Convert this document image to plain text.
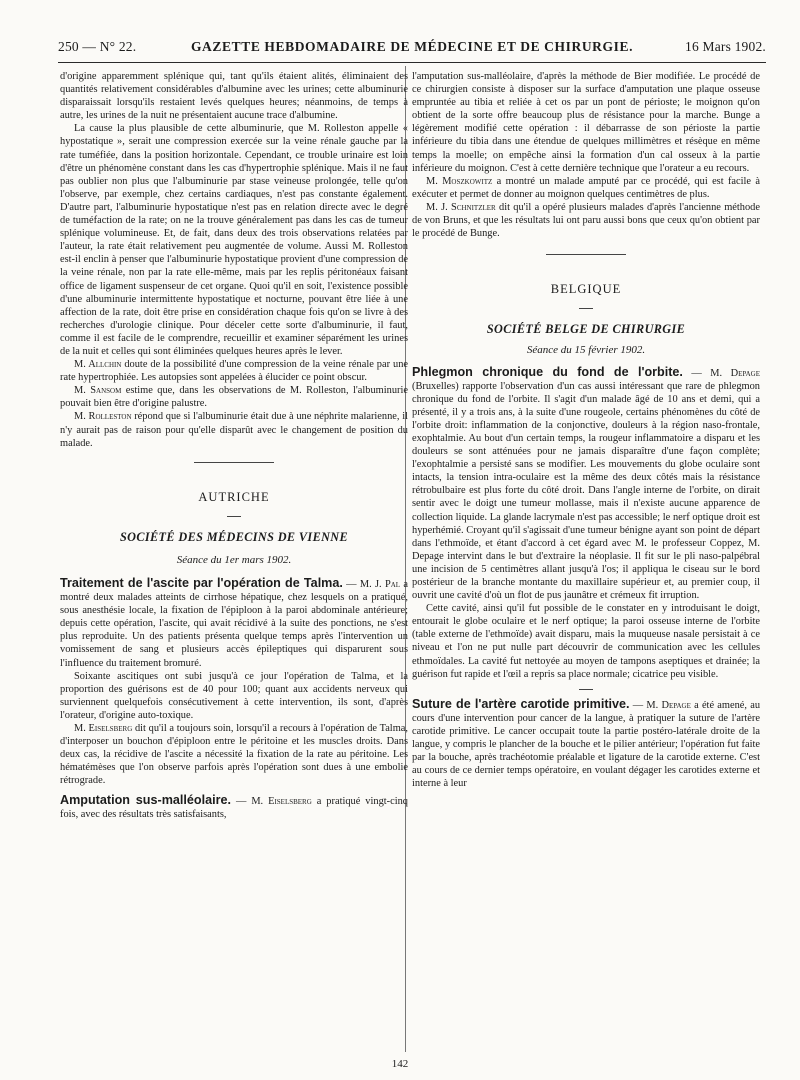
250 — N° 22.	GAZETTE HEBDOMADAIRE DE MÉDECINE ET DE CHIRURGIE.	16 Mars 1902.

d'origine apparemment splénique qui, tant qu'ils étaient alités, éliminaient des quantités relativement considérables d'albumine avec les urines; cette albuminurie disparaissait lorsqu'ils restaient levés quelques heures; néanmoins, de temps à autre, les urines de la nuit ne présentaient aucune trace d'albumine.

La cause la plus plausible de cette albuminurie, que M. Rolleston appelle « hypostatique », serait une compression exercée sur la veine rénale gauche par la rate tuméfiée, dans la position horizontale. Cependant, ce trouble urinaire est loin d'être un phénomène constant dans les cas d'hypertrophie splénique. Mais il ne faut pas oublier non plus que l'albuminurie par stase veineuse prolongée, telle qu'on l'observe, par exemple, chez certains cardiaques, n'est pas constante également. D'autre part, l'albuminurie hypostatique n'est pas en relation directe avec le degré de tuméfaction de la rate; on ne la trouve généralement pas dans les cas de tumeur splénique volumineuse. Et, de fait, dans deux des trois observations relatées par l'auteur, la rate était relativement peu augmentée de volume. Aussi M. Rolleston est-il enclin à penser que l'albuminurie hypostatique provient d'une compression de la veine rénale, non par la rate elle-même, mais par les replis péritonéaux faisant office de ligament suspenseur de cet organe. Quoi qu'il en soit, l'existence possible d'une albuminurie intermittente hypostatique et nocturne, pouvant être liée à une affection de la rate, doit être prise en considération chaque fois qu'on se livre à des recherches d'urologie clinique. Pour déceler cette sorte d'albuminurie, il faut, comme il est facile de le comprendre, recueillir et examiner séparément les urines de la nuit et celles qui sont éliminées quelques heures après le lever.

M. Allchin doute de la possibilité d'une compression de la veine rénale par une rate hypertrophiée. Les autopsies sont appelées à élucider ce point obscur.

M. Sansom estime que, dans les observations de M. Rolleston, l'albuminurie pouvait bien être d'origine palustre.

M. Rolleston répond que si l'albuminurie était due à une néphrite malarienne, il n'y aurait pas de raison pour qu'elle disparût avec le changement de position du malade.

AUTRICHE

SOCIÉTÉ DES MÉDECINS DE VIENNE

Séance du 1er mars 1902.

Traitement de l'ascite par l'opération de Talma. — M. J. Pal a montré deux malades atteints de cirrhose hépatique, chez lesquels on a pratiqué, sous anesthésie locale, la fixation de l'épiploon à la paroi abdominale antérieure; depuis cette opération, l'ascite, qui avait récidivé à la suite des ponctions, ne s'est plus reproduite. Un des patients présenta quelque temps après l'intervention un vomissement de sang et plusieurs accès épileptiques qui disparurent sous l'influence du traitement bromuré.

Soixante ascitiques ont subi jusqu'à ce jour l'opération de Talma, et la proportion des guérisons est de 40 pour 100; quant aux accidents nerveux qui surviennent quelquefois consécutivement à cette intervention, ils sont, d'après l'orateur, d'origine auto-toxique.

M. Eiselsberg dit qu'il a toujours soin, lorsqu'il a recours à l'opération de Talma, d'interposer un bouchon d'épiploon entre le péritoine et les muscles droits. Dans deux cas, la récidive de l'ascite a nécessité la fixation de la rate au péritoine. Les hématémèses que l'on observe parfois après l'opération sont dues à une embolie rétrograde.

Amputation sus-malléolaire. — M. Eiselsberg a pratiqué vingt-cinq fois, avec des résultats très satisfaisants,

l'amputation sus-malléolaire, d'après la méthode de Bier modifiée. Le procédé de ce chirurgien consiste à disposer sur la surface d'amputation une plaque osseuse empruntée au tibia et reliée à cet os par un pont de périoste; le moignon qu'on obtient de la sorte offre beaucoup plus de résistance pour la marche. Bunge a légèrement modifié cette opération : il débarrasse de son périoste la partie inférieure du tibia dans une étendue de quelques millimètres et résèque en même temps la moelle; on empêche ainsi la formation d'un cal osseux à la partie inférieure du moignon. C'est à cette dernière technique que l'orateur a eu recours.

M. Moszkowitz a montré un malade amputé par ce procédé, qui est facile à exécuter et permet de donner au moignon quelques centimètres de plus.

M. J. Schnitzler dit qu'il a opéré plusieurs malades d'après l'ancienne méthode de von Bruns, et que les résultats lui ont paru aussi bons que ceux qu'on obtient par le procédé de Bunge.

BELGIQUE

SOCIÉTÉ BELGE DE CHIRURGIE

Séance du 15 février 1902.

Phlegmon chronique du fond de l'orbite. — M. Depage (Bruxelles) rapporte l'observation d'un cas aussi intéressant que rare de phlegmon chronique du fond de l'orbite. Il s'agit d'un malade âgé de 10 ans et demi, qui a présenté, il y a trois ans, à la suite d'une rougeole, certains phénomènes du côté de l'orbite droit: inflammation de la conjonctive, douleurs à la région naso-frontale, exophtalmie. Au bout d'un certain temps, la rougeur inflammatoire a disparu et les douleurs se sont atténuées pour ne jamais disparaître d'une façon complète; l'exophtalmie a persisté sans se modifier. Les mouvements du globe oculaire sont intacts, la tension intra-oculaire est la même des deux côtés mais la résistance rétrobulbaire est plus forte du côté droit. Dans l'angle interne de l'orbite, on dirait sentir avec le doigt une tumeur mollasse, mais il n'existe aucune apparence de collection liquide. La glande lacrymale n'est pas accessible; le nerf optique droit est hyperhémié. Croyant qu'il s'agissait d'une tumeur bénigne ayant son point de départ dans l'ethmoïde, et étant d'accord à cet égard avec M. le professeur Coppez, M. Depage intervint dans le but d'extraire la néoplasie. Il fit sur le pli naso-palpébral une incision de 5 centimètres allant jusqu'à l'os; il appliqua le ciseau sur le bord postérieur de la branche montante du maxillaire supérieur et, au premier coup, il ouvrit une cavité d'où un flot de pus jaunâtre et crémeux fit irruption.

Cette cavité, ainsi qu'il fut possible de le constater en y introduisant le doigt, entourait le globe oculaire et le nerf optique; la paroi osseuse interne de l'orbite (table externe de l'ethmoïde) avait disparu, mais la muqueuse nasale persistait à ce niveau et l'on ne put nulle part découvrir de communication avec les cellules ethmoïdales. La cavité fut nettoyée au moyen de tampons aseptiques et drainée; la guérison fut rapide et l'œil a repris sa place normale; cicatrice peu visible.

Suture de l'artère carotide primitive. — M. Depage a été amené, au cours d'une intervention pour cancer de la langue, à pratiquer la suture de l'artère carotide primitive. Le cancer occupait toute la partie postéro-latérale droite de la langue, y compris le plancher de la bouche et le pilier antérieur; l'opération fut faite par la bouche, après trachéotomie préalable et ligature de la carotide externe. C'est au cours de ce dernier temps opératoire, en voulant dégager les carotides externe et interne à leur

142
